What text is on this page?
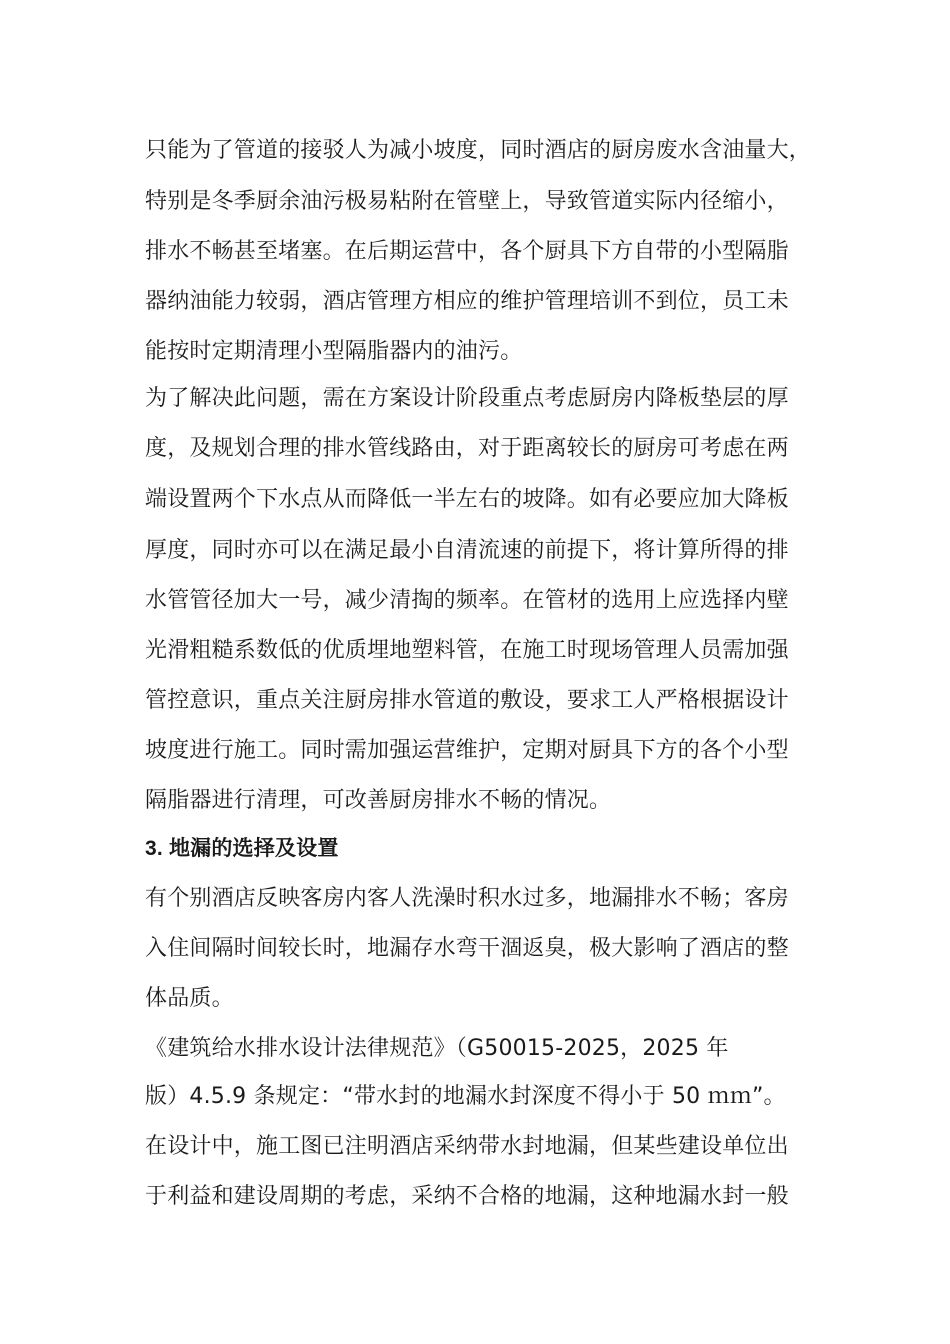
只能为了管道的接驳人为减小坡度，同时酒店的厨房废水含油量大，
特别是冬季厨余油污极易粘附在管壁上，导致管道实际内径缩小，
排水不畅甚至堵塞。在后期运营中，各个厨具下方自带的小型隔脂
器纳油能力较弱，酒店管理方相应的维护管理培训不到位，员工未
能按时定期清理小型隔脂器内的油污。
为了解决此问题，需在方案设计阶段重点考虑厨房内降板垫层的厚
度，及规划合理的排水管线路由，对于距离较长的厨房可考虑在两
端设置两个下水点从而降低一半左右的坡降。如有必要应加大降板
厚度，同时亦可以在满足最小自清流速的前提下，将计算所得的排
水管管径加大一号，减少清掏的频率。在管材的选用上应选择内壁
光滑粗糙系数低的优质埋地塑料管，在施工时现场管理人员需加强
管控意识，重点关注厨房排水管道的敷设，要求工人严格根据设计
坡度进行施工。同时需加强运营维护，定期对厨具下方的各个小型
隔脂器进行清理，可改善厨房排水不畅的情况。
3. 地漏的选择及设置
有个别酒店反映客房内客人洗澡时积水过多，地漏排水不畅；客房
入住间隔时间较长时，地漏存水弯干涸返臭，极大影响了酒店的整
体品质。
《建筑给水排水设计法律规范》（G50015-2025，2025 年
版）4.5.9 条规定：“带水封的地漏水封深度不得小于 50 ｍｍ”。
在设计中，施工图已注明酒店采纳带水封地漏，但某些建设单位出
于利益和建设周期的考虑，采纳不合格的地漏，这种地漏水封一般
